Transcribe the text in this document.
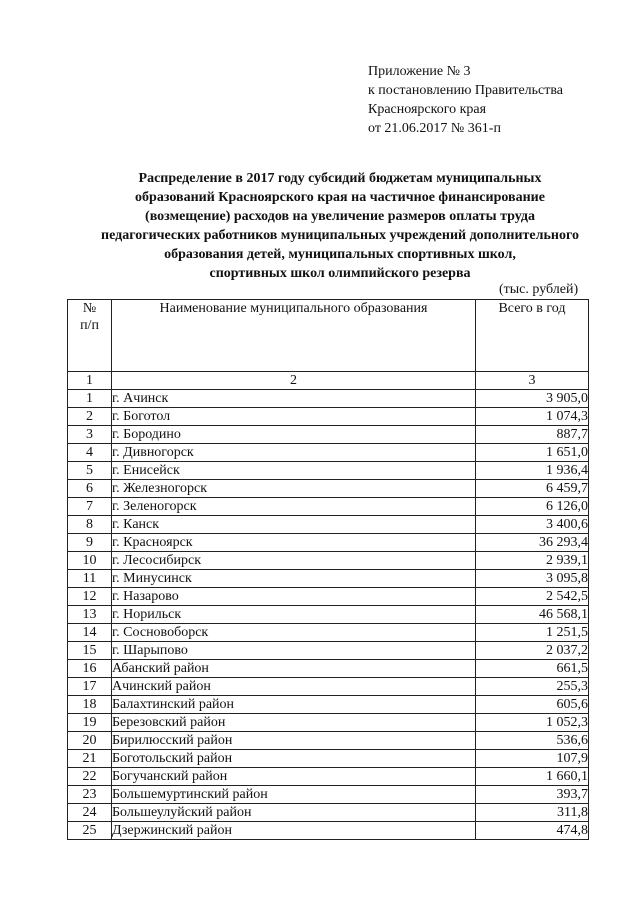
Приложение № 3
к постановлению Правительства
Красноярского края
от 21.06.2017 № 361-п
Распределение в 2017 году субсидий бюджетам муниципальных
образований Красноярского края на частичное финансирование
(возмещение) расходов на увеличение размеров оплаты труда
педагогических работников муниципальных учреждений дополнительного
образования детей, муниципальных спортивных школ,
спортивных школ олимпийского резерва
(тыс. рублей)
№
п/п	Наименование муниципального образования	Всего в год
1	2	3
1	г. Ачинск	3 905,0
2	г. Боготол	1 074,3
3	г. Бородино	887,7
4	г. Дивногорск	1 651,0
5	г. Енисейск	1 936,4
6	г. Железногорск	6 459,7
7	г. Зеленогорск	6 126,0
8	г. Канск	3 400,6
9	г. Красноярск	36 293,4
10	г. Лесосибирск	2 939,1
11	г. Минусинск	3 095,8
12	г. Назарово	2 542,5
13	г. Норильск	46 568,1
14	г. Сосновоборск	1 251,5
15	г. Шарыпово	2 037,2
16	Абанский район	661,5
17	Ачинский район	255,3
18	Балахтинский район	605,6
19	Березовский район	1 052,3
20	Бирилюсский район	536,6
21	Боготольский район	107,9
22	Богучанский район	1 660,1
23	Большемуртинский район	393,7
24	Большеулуйский район	311,8
25	Дзержинский район	474,8
